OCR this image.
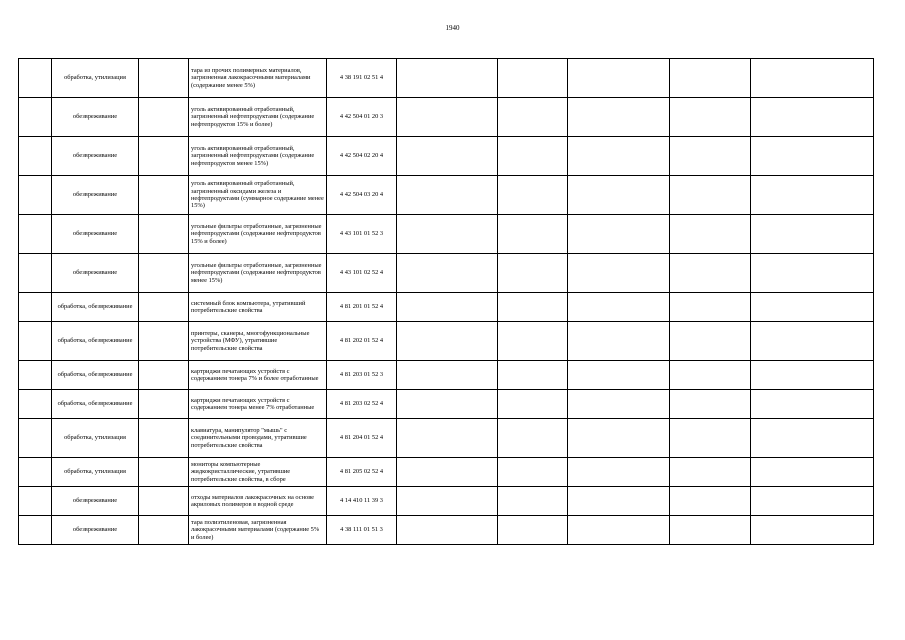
1940
	обработка, утилизация		тара из прочих полимерных материалов, загрязненная лакокрасочными материалами (содержание менее 5%)	4 38 191 02 51 4					
	обезвреживание		уголь активированный отработанный, загрязненный нефтепродуктами (содержание нефтепродуктов 15% и более)	4 42 504 01 20 3					
	обезвреживание		уголь активированный отработанный, загрязненный нефтепродуктами (содержание нефтепродуктов менее 15%)	4 42 504 02 20 4					
	обезвреживание		уголь активированный отработанный, загрязненный оксидами железа и нефтепродуктами (суммарное содержание менее 15%)	4 42 504 03 20 4					
	обезвреживание		угольные фильтры отработанные, загрязненные нефтепродуктами (содержание нефтепродуктов 15% и более)	4 43 101 01 52 3					
	обезвреживание		угольные фильтры отработанные, загрязненные нефтепродуктами (содержание нефтепродуктов менее 15%)	4 43 101 02 52 4					
	обработка, обезвреживание		системный блок компьютера, утративший потребительские свойства	4 81 201 01 52 4					
	обработка, обезвреживание		принтеры, сканеры, многофункциональные устройства (МФУ), утратившие потребительские свойства	4 81 202 01 52 4					
	обработка, обезвреживание		картриджи печатающих устройств с содержанием тонера 7% и более отработанные	4 81 203 01 52 3					
	обработка, обезвреживание		картриджи печатающих устройств с содержанием тонера менее 7% отработанные	4 81 203 02 52 4					
	обработка, утилизация		клавиатура, манипулятор "мышь" с соединительными проводами, утратившие потребительские свойства	4 81 204 01 52 4					
	обработка, утилизация		мониторы компьютерные жидкокристаллические, утратившие потребительские свойства, в сборе	4 81 205 02 52 4					
	обезвреживание		отходы материалов лакокрасочных на основе акриловых полимеров в водной среде	4 14 410 11 39 3					
	обезвреживание		тара полиэтиленовая, загрязненная лакокрасочными материалами (содержание 5% и более)	4 38 111 01 51 3					
